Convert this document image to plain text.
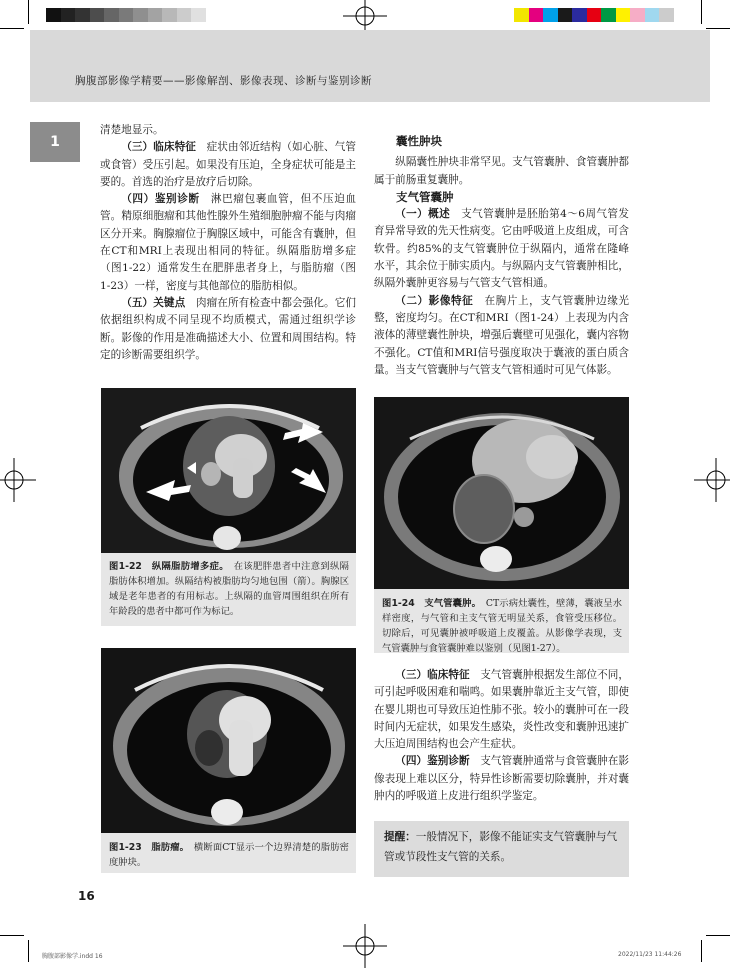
胸腹部影像学精要——影像解剖、影像表现、诊断与鉴别诊断
1

清楚地显示。

（三）临床特征　症状由邻近结构（如心脏、气管或食管）受压引起。如果没有压迫，全身症状可能是主要的。首选的治疗是放疗后切除。

（四）鉴别诊断　淋巴瘤包裹血管，但不压迫血管。精原细胞瘤和其他性腺外生殖细胞肿瘤不能与肉瘤区分开来。胸腺瘤位于胸腺区域中，可能含有囊肿，但在CT和MRI上表现出相同的特征。纵隔脂肪增多症（图1-22）通常发生在肥胖患者身上，与脂肪瘤（图1-23）一样，密度与其他部位的脂肪相似。

（五）关键点　肉瘤在所有检查中都会强化。它们依据组织构成不同呈现不均质模式，需通过组织学诊断。影像的作用是准确描述大小、位置和周围结构。特定的诊断需要组织学。

图1-22　纵隔脂肪增多症。　在该肥胖患者中注意到纵隔脂肪体积增加。纵隔结构被脂肪均匀地包围（箭）。胸腺区域是老年患者的有用标志。上纵隔的血管周围组织在所有年龄段的患者中都可作为标记。
图1-23　脂肪瘤。　横断面CT显示一个边界清楚的脂肪密度肿块。

囊性肿块

纵隔囊性肿块非常罕见。支气管囊肿、食管囊肿都属于前肠重复囊肿。

支气管囊肿

（一）概述　支气管囊肿是胚胎第4～6周气管发育异常导致的先天性病变。它由呼吸道上皮组成，可含软骨。约85%的支气管囊肿位于纵隔内，通常在隆峰水平，其余位于肺实质内。与纵隔内支气管囊肿相比，纵隔外囊肿更容易与气管支气管相通。

（二）影像特征　在胸片上，支气管囊肿边缘光整，密度均匀。在CT和MRI（图1-24）上表现为内含液体的薄壁囊性肿块，增强后囊壁可见强化，囊内容物不强化。CT值和MRI信号强度取决于囊液的蛋白质含量。当支气管囊肿与气管支气管相通时可见气体影。

图1-24　支气管囊肿。　CT示病灶囊性，壁薄，囊液呈水样密度，与气管和主支气管无明显关系，食管受压移位。切除后，可见囊肿被呼吸道上皮覆盖。从影像学表现，支气管囊肿与食管囊肿难以鉴别（见图1-27）。

（三）临床特征　支气管囊肿根据发生部位不同，可引起呼吸困难和喘鸣。如果囊肿靠近主支气管，即使在婴儿期也可导致压迫性肺不张。较小的囊肿可在一段时间内无症状，如果发生感染，炎性改变和囊肿迅速扩大压迫周围结构也会产生症状。

（四）鉴别诊断　支气管囊肿通常与食管囊肿在影像表现上难以区分，特异性诊断需要切除囊肿，并对囊肿内的呼吸道上皮进行组织学鉴定。

提醒：一般情况下，影像不能证实支气管囊肿与气管或节段性支气管的关系。
16
胸腹部影像学.indd 16	2022/11/23 11:44:26
